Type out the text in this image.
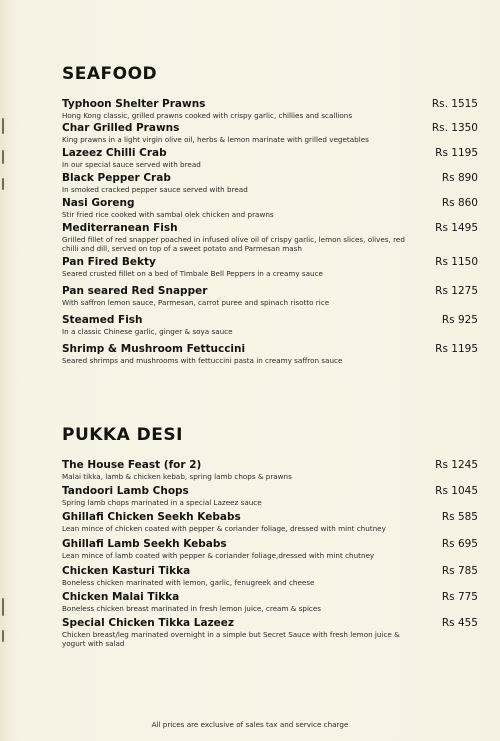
SEAFOOD
Typhoon Shelter Prawns
Hong Kong classic, grilled prawns cooked with crispy garlic, chillies and scallions
Rs. 1515
Char Grilled Prawns
King prawns in a light virgin olive oil, herbs & lemon marinate with grilled vegetables
Rs. 1350
Lazeez Chilli Crab
In our special sauce served with bread
Rs 1195
Black Pepper Crab
In smoked cracked pepper sauce served with bread
Rs 890
Nasi Goreng
Stir fried rice cooked with sambal olek chicken and prawns
Rs 860
Mediterranean Fish
Grilled fillet of red snapper poached in infused olive oil of crispy garlic, lemon slices, olives, red chilli and dill, served on top of a sweet potato and Parmesan mash
Rs 1495
Pan Fired Bekty
Seared crusted fillet on a bed of Timbale Bell Peppers in a creamy sauce
Rs 1150
Pan seared Red Snapper
With saffron lemon sauce, Parmesan, carrot puree and spinach risotto rice
Rs 1275
Steamed Fish
In a classic Chinese garlic, ginger & soya sauce
Rs 925
Shrimp & Mushroom Fettuccini
Seared shrimps and mushrooms with fettuccini pasta in creamy saffron sauce
Rs 1195
PUKKA DESI
The House Feast (for 2)
Malai tikka, lamb & chicken kebab, spring lamb chops & prawns
Rs 1245
Tandoori Lamb Chops
Spring lamb chops marinated in a special Lazeez sauce
Rs 1045
Ghillafi Chicken Seekh Kebabs
Lean mince of chicken coated with pepper & coriander foliage, dressed with mint chutney
Rs 585
Ghillafi Lamb Seekh Kebabs
Lean mince of lamb coated with pepper & coriander foliage,dressed with mint chutney
Rs 695
Chicken Kasturi Tikka
Boneless chicken marinated with lemon, garlic, fenugreek and cheese
Rs 785
Chicken Malai Tikka
Boneless chicken breast marinated in fresh lemon juice, cream & spices
Rs 775
Special Chicken Tikka Lazeez
Chicken breast/leg marinated overnight in a simple but Secret Sauce with fresh lemon juice & yogurt with salad
Rs 455
All prices are exclusive of sales tax and service charge
